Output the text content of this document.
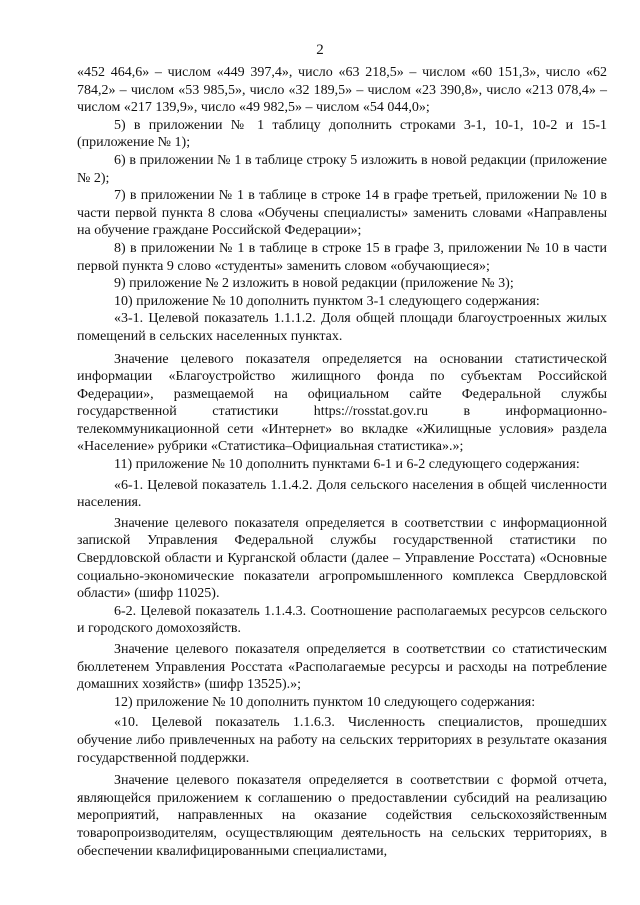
2

«452 464,6» – числом «449 397,4», число «63 218,5» – числом «60 151,3», число «62 784,2» – числом «53 985,5», число «32 189,5» – числом «23 390,8», число «213 078,4» – числом «217 139,9», число «49 982,5» – числом «54 044,0»;

5) в приложении № 1 таблицу дополнить строками 3-1, 10-1, 10-2 и 15-1 (приложение № 1);

6) в приложении № 1 в таблице строку 5 изложить в новой редакции (приложение № 2);

7) в приложении № 1 в таблице в строке 14 в графе третьей, приложении № 10 в части первой пункта 8 слова «Обучены специалисты» заменить словами «Направлены на обучение граждане Российской Федерации»;

8) в приложении № 1 в таблице в строке 15 в графе 3, приложении № 10 в части первой пункта 9 слово «студенты» заменить словом «обучающиеся»;

9) приложение № 2 изложить в новой редакции (приложение № 3);

10) приложение № 10 дополнить пунктом 3-1 следующего содержания:

«3-1. Целевой показатель 1.1.1.2. Доля общей площади благоустроенных жилых помещений в сельских населенных пунктах.

Значение целевого показателя определяется на основании статистической информации «Благоустройство жилищного фонда по субъектам Российской Федерации», размещаемой на официальном сайте Федеральной службы государственной статистики https://rosstat.gov.ru в информационно-телекоммуникационной сети «Интернет» во вкладке «Жилищные условия» раздела «Население» рубрики «Статистика–Официальная статистика».»;

11) приложение № 10 дополнить пунктами 6-1 и 6-2 следующего содержания:

«6-1. Целевой показатель 1.1.4.2. Доля сельского населения в общей численности населения.

Значение целевого показателя определяется в соответствии с информационной запиской Управления Федеральной службы государственной статистики по Свердловской области и Курганской области (далее – Управление Росстата) «Основные социально-экономические показатели агропромышленного комплекса Свердловской области» (шифр 11025).

6-2. Целевой показатель 1.1.4.3. Соотношение располагаемых ресурсов сельского и городского домохозяйств.

Значение целевого показателя определяется в соответствии со статистическим бюллетенем Управления Росстата «Располагаемые ресурсы и расходы на потребление домашних хозяйств» (шифр 13525).»;

12) приложение № 10 дополнить пунктом 10 следующего содержания:

«10. Целевой показатель 1.1.6.3. Численность специалистов, прошедших обучение либо привлеченных на работу на сельских территориях в результате оказания государственной поддержки.

Значение целевого показателя определяется в соответствии с формой отчета, являющейся приложением к соглашению о предоставлении субсидий на реализацию мероприятий, направленных на оказание содействия сельскохозяйственным товаропроизводителям, осуществляющим деятельность на сельских территориях, в обеспечении квалифицированными специалистами,
